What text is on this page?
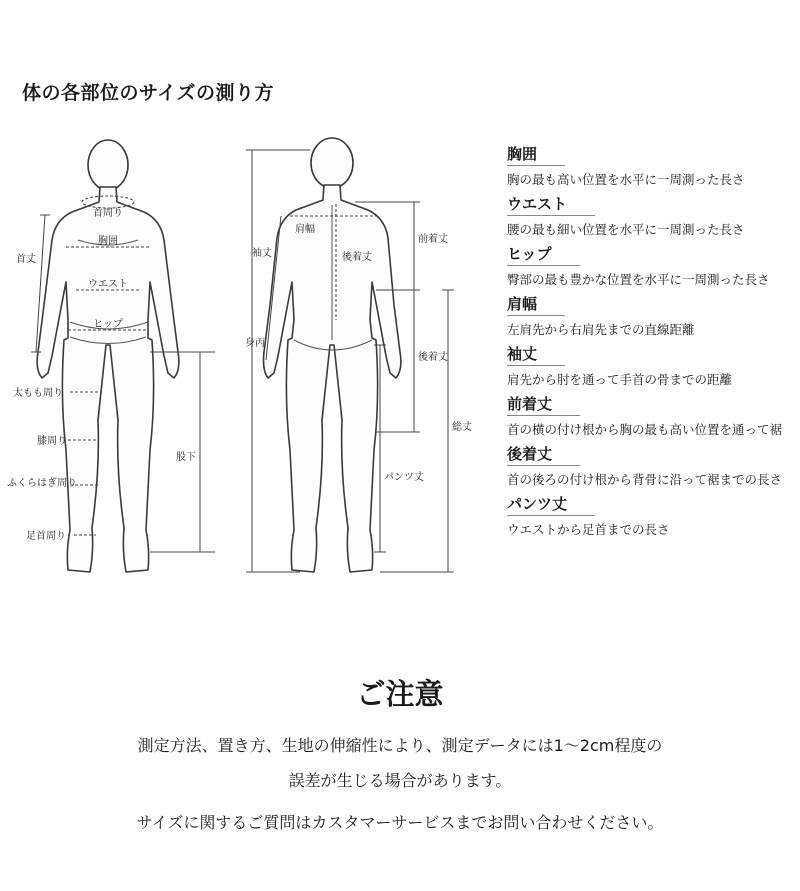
体の各部位のサイズの測り方
首周り
胸囲
ウエスト
ヒップ
首丈
太もも周り
膝周り
ふくらはぎ周り
足首周り
股下
肩幅
袖丈	後着丈
身丙
前着丈
後着丈
総丈
パンツ丈
胸囲
胸の最も高い位置を水平に一周測った長さ
ウエスト
腰の最も細い位置を水平に一周測った長さ
ヒップ
臀部の最も豊かな位置を水平に一周測った長さ
肩幅
左肩先から右肩先までの直線距離
袖丈
肩先から肘を通って手首の骨までの距離
前着丈
首の横の付け根から胸の最も高い位置を通って裾
後着丈
首の後ろの付け根から背骨に沿って裾までの長さ
パンツ丈
ウエストから足首までの長さ
ご注意

測定方法、置き方、生地の伸縮性により、測定データには1～2cm程度の

誤差が生じる場合があります。

サイズに関するご質問はカスタマーサービスまでお問い合わせください。
